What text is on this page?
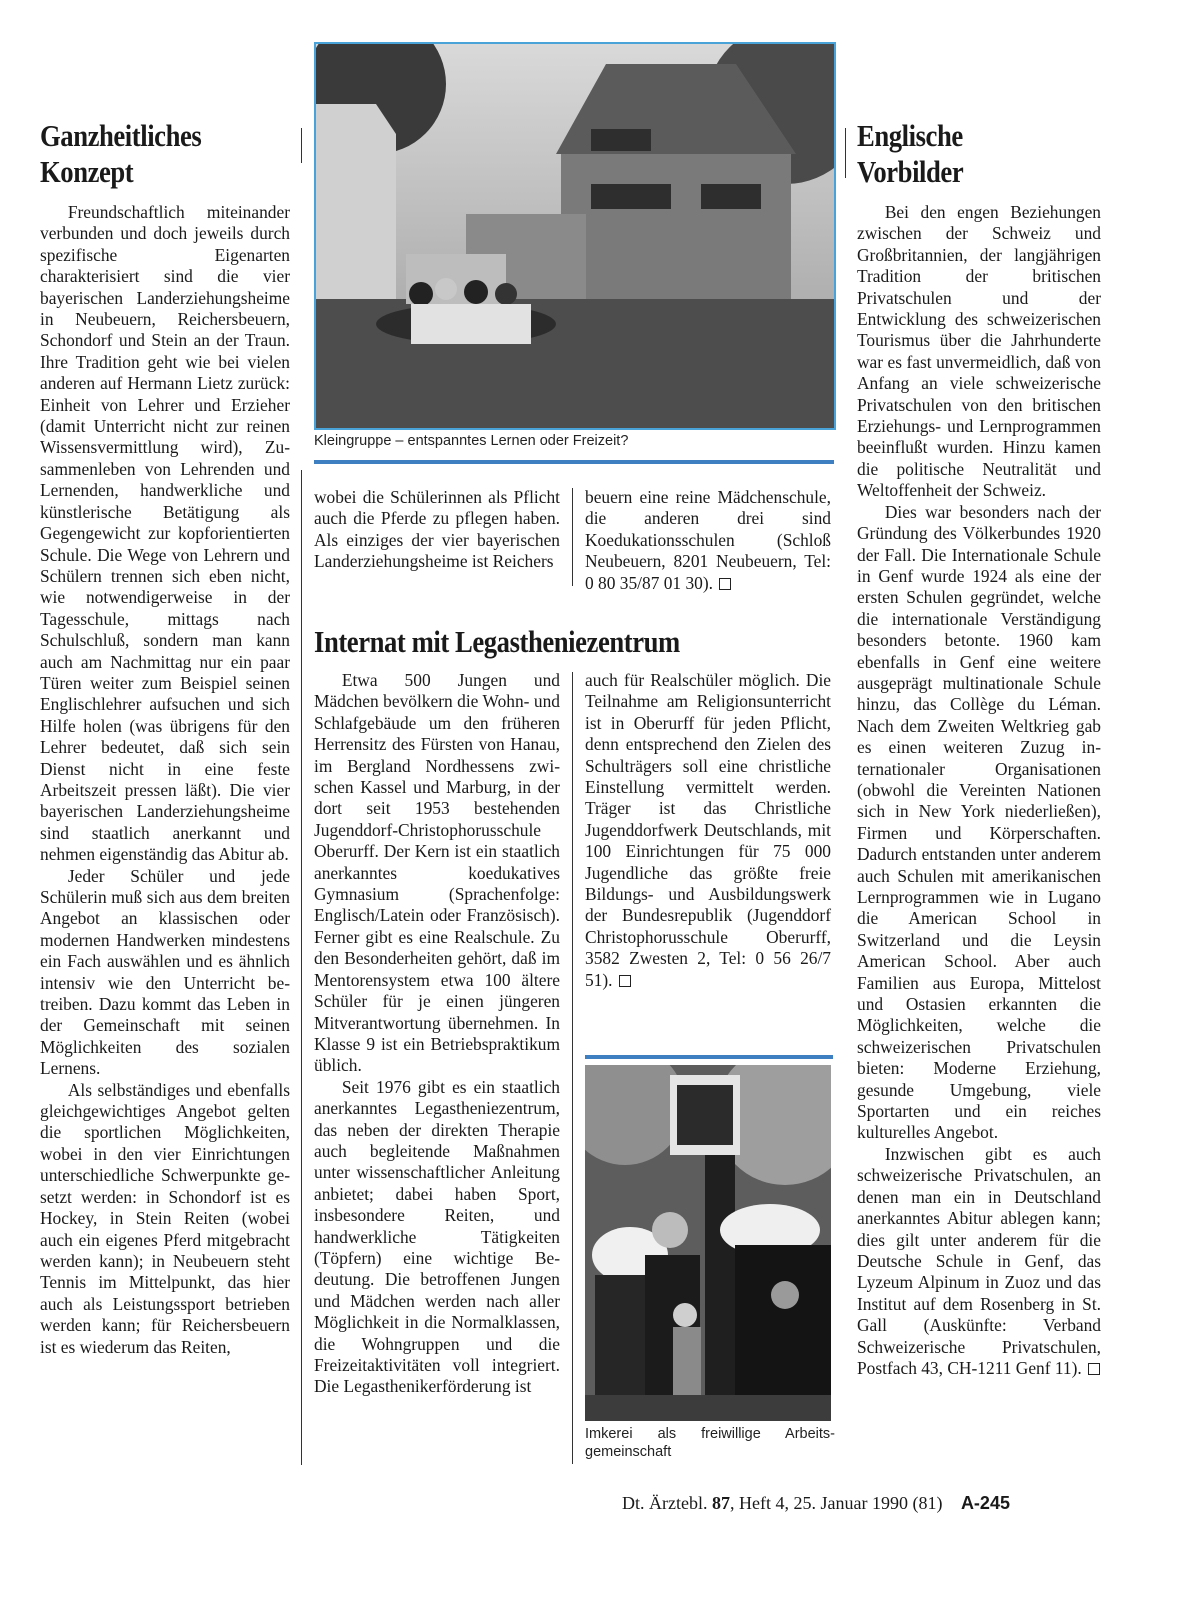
Ganzheitliches
Konzept

Freundschaftlich miteinander verbunden und doch jeweils durch spezifische Eigenarten charakterisiert sind die vier bayerischen Landerziehungsheime in Neubeuern, Reichersbeuern, Schondorf und Stein an der Traun. Ihre Tradition geht wie bei vielen anderen auf Hermann Lietz zurück: Einheit von Lehrer und Erzieher (damit Unterricht nicht zur reinen Wissensvermittlung wird), Zusammenleben von Lehrenden und Lernenden, handwerkliche und künstlerische Betätigung als Gegengewicht zur kopforientierten Schule. Die Wege von Lehrern und Schülern trennen sich eben nicht, wie notwendigerweise in der Tagesschule, mittags nach Schulschluß, sondern man kann auch am Nachmittag nur ein paar Türen weiter zum Beispiel seinen Englischlehrer aufsuchen und sich Hilfe holen (was übrigens für den Lehrer bedeutet, daß sich sein Dienst nicht in eine feste Arbeitszeit pressen läßt). Die vier bayerischen Landerziehungsheime sind staatlich anerkannt und nehmen eigenständig das Abitur ab.

Jeder Schüler und jede Schülerin muß sich aus dem breiten Angebot an klassischen oder modernen Handwerken mindestens ein Fach auswählen und es ähnlich intensiv wie den Unterricht betreiben. Dazu kommt das Leben in der Gemeinschaft mit seinen Möglichkeiten des sozialen Lernens.

Als selbständiges und ebenfalls gleichgewichtiges Angebot gelten die sportlichen Möglichkeiten, wobei in den vier Einrichtungen unterschiedliche Schwerpunkte gesetzt werden: in Schondorf ist es Hockey, in Stein Reiten (wobei auch ein eigenes Pferd mitgebracht werden kann); in Neubeuern steht Tennis im Mittelpunkt, das hier auch als Leistungssport betrieben werden kann; für Reichersbeuern ist es wiederum das Reiten,

Kleingruppe – entspanntes Lernen oder Freizeit?

wobei die Schülerinnen als Pflicht auch die Pferde zu pflegen haben. Als einziges der vier bayerischen Landerziehungsheime ist Reichers

beuern eine reine Mädchenschule, die anderen drei sind Koedukationsschulen (Schloß Neubeuern, 8201 Neubeuern, Tel: 0 80 35/87 01 30).

Internat mit Legastheniezentrum

Etwa 500 Jungen und Mädchen bevölkern die Wohn- und Schlafgebäude um den früheren Herrensitz des Fürsten von Hanau, im Bergland Nordhessens zwischen Kassel und Marburg, in der dort seit 1953 bestehenden Jugenddorf-Christophorusschule Oberurff. Der Kern ist ein staatlich anerkanntes koedukatives Gymnasium (Sprachenfolge: Englisch/Latein oder Französisch). Ferner gibt es eine Realschule. Zu den Besonderheiten gehört, daß im Mentorensystem etwa 100 ältere Schüler für je einen jüngeren Mitverantwortung übernehmen. In Klasse 9 ist ein Betriebspraktikum üblich.

Seit 1976 gibt es ein staatlich anerkanntes Legastheniezentrum, das neben der direkten Therapie auch begleitende Maßnahmen unter wissenschaftlicher Anleitung anbietet; dabei haben Sport, insbesondere Reiten, und handwerkliche Tätigkeiten (Töpfern) eine wichtige Bedeutung. Die betroffenen Jungen und Mädchen werden nach aller Möglichkeit in die Normalklassen, die Wohngruppen und die Freizeitaktivitäten voll integriert. Die Legasthenikerförderung ist

auch für Realschüler möglich. Die Teilnahme am Religionsunterricht ist in Oberurff für jeden Pflicht, denn entsprechend den Zielen des Schulträgers soll eine christliche Einstellung vermittelt werden. Träger ist das Christliche Jugenddorfwerk Deutschlands, mit 100 Einrichtungen für 75 000 Jugendliche das größte freie Bildungs- und Ausbildungswerk der Bundesrepublik (Jugenddorf Christophorusschule Oberurff, 3582 Zwesten 2, Tel: 0 56 26/7 51).

Imkerei als freiwillige Arbeitsgemeinschaft
Englische
Vorbilder

Bei den engen Beziehungen zwischen der Schweiz und Großbritannien, der langjährigen Tradition der britischen Privatschulen und der Entwicklung des schweizerischen Tourismus über die Jahrhunderte war es fast unvermeidlich, daß von Anfang an viele schweizerische Privatschulen von den britischen Erziehungs- und Lernprogrammen beeinflußt wurden. Hinzu kamen die politische Neutralität und Weltoffenheit der Schweiz.

Dies war besonders nach der Gründung des Völkerbundes 1920 der Fall. Die Internationale Schule in Genf wurde 1924 als eine der ersten Schulen gegründet, welche die internationale Verständigung besonders betonte. 1960 kam ebenfalls in Genf eine weitere ausgeprägt multinationale Schule hinzu, das Collège du Léman. Nach dem Zweiten Weltkrieg gab es einen weiteren Zuzug internationaler Organisationen (obwohl die Vereinten Nationen sich in New York niederließen), Firmen und Körperschaften. Dadurch entstanden unter anderem auch Schulen mit amerikanischen Lernprogrammen wie in Lugano die American School in Switzerland und die Leysin American School. Aber auch Familien aus Europa, Mittelost und Ostasien erkannten die Möglichkeiten, welche die schweizerischen Privatschulen bieten: Moderne Erziehung, gesunde Umgebung, viele Sportarten und ein reiches kulturelles Angebot.

Inzwischen gibt es auch schweizerische Privatschulen, an denen man ein in Deutschland anerkanntes Abitur ablegen kann; dies gilt unter anderem für die Deutsche Schule in Genf, das Lyzeum Alpinum in Zuoz und das Institut auf dem Rosenberg in St. Gall (Auskünfte: Verband Schweizerische Privatschulen, Postfach 43, CH-1211 Genf 11).

Dt. Ärztebl. 87, Heft 4, 25. Januar 1990 (81) A-245
